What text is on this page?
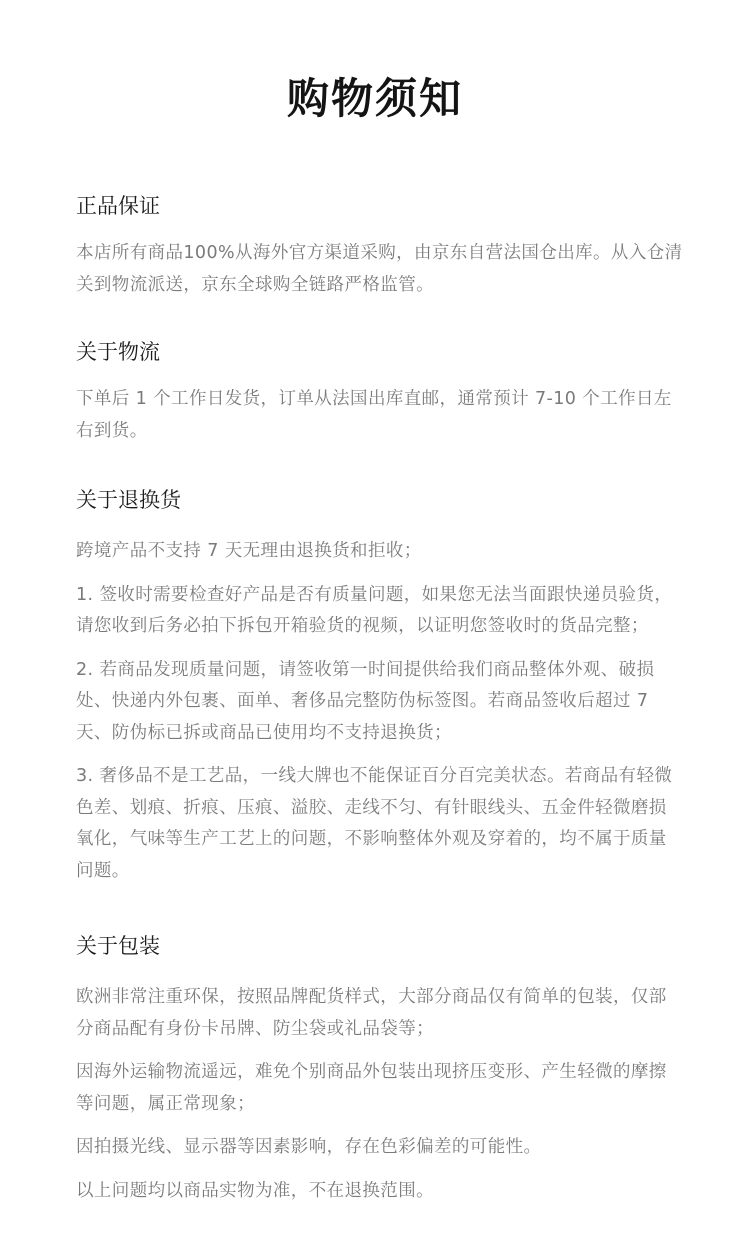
购物须知
正品保证

本店所有商品100%从海外官方渠道采购，由京东自营法国仓出库。从入仓清关到物流派送，京东全球购全链路严格监管。

关于物流

下单后 1 个工作日发货，订单从法国出库直邮，通常预计 7-10 个工作日左右到货。

关于退换货

跨境产品不支持 7 天无理由退换货和拒收；

1. 签收时需要检查好产品是否有质量问题，如果您无法当面跟快递员验货，请您收到后务必拍下拆包开箱验货的视频，以证明您签收时的货品完整；

2. 若商品发现质量问题，请签收第一时间提供给我们商品整体外观、破损处、快递内外包裹、面单、奢侈品完整防伪标签图。若商品签收后超过 7 天、防伪标已拆或商品已使用均不支持退换货；

3. 奢侈品不是工艺品，一线大牌也不能保证百分百完美状态。若商品有轻微色差、划痕、折痕、压痕、溢胶、走线不匀、有针眼线头、五金件轻微磨损氧化，气味等生产工艺上的问题，不影响整体外观及穿着的，均不属于质量问题。

关于包装

欧洲非常注重环保，按照品牌配货样式，大部分商品仅有简单的包装，仅部分商品配有身份卡吊牌、防尘袋或礼品袋等；

因海外运输物流遥远，难免个别商品外包装出现挤压变形、产生轻微的摩擦等问题，属正常现象；

因拍摄光线、显示器等因素影响，存在色彩偏差的可能性。

以上问题均以商品实物为准，不在退换范围。
